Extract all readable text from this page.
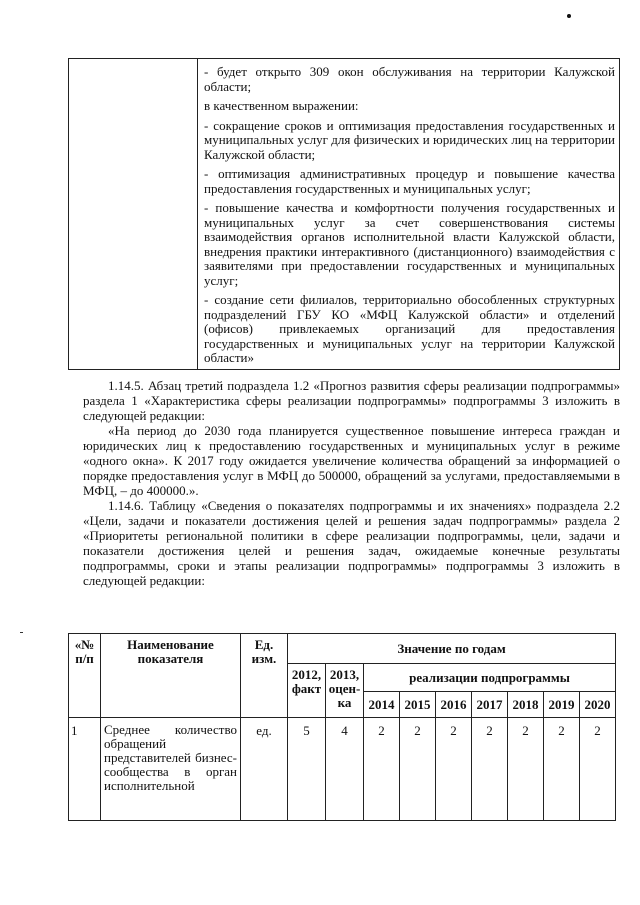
- будет открыто 309 окон обслуживания на территории Калужской области;

в качественном выражении:

- сокращение сроков и оптимизация предоставления государственных и муниципальных услуг для физических и юридических лиц на территории Калужской области;

- оптимизация административных процедур и повышение качества предоставления государственных и муниципальных услуг;

- повышение качества и комфортности получения государственных и муниципальных услуг за счет совершенствования системы взаимодействия органов исполнительной власти Калужской области, внедрения практики интерактивного (дистанционного) взаимодействия с заявителями при предоставлении государственных и муниципальных услуг;

- создание сети филиалов, территориально обособленных структурных подразделений ГБУ КО «МФЦ Калужской области» и отделений (офисов) привлекаемых организаций для предоставления государственных и муниципальных услуг на территории Калужской области»

1.14.5. Абзац третий подраздела 1.2 «Прогноз развития сферы реализации подпрограммы» раздела 1 «Характеристика сферы реализации подпрограммы» подпрограммы 3 изложить в следующей редакции:

«На период до 2030 года планируется существенное повышение интереса граждан и юридических лиц к предоставлению государственных и муниципальных услуг в режиме «одного окна». К 2017 году ожидается увеличение количества обращений за информацией о порядке предоставления услуг в МФЦ до 500000, обращений за услугами, предоставляемыми в МФЦ, – до 400000.».

1.14.6. Таблицу «Сведения о показателях подпрограммы и их значениях» подраздела 2.2 «Цели, задачи и показатели достижения целей и решения задач подпрограммы» раздела 2 «Приоритеты региональной политики в сфере реализации подпрограммы, цели, задачи и показатели достижения целей и решения задач, ожидаемые конечные результаты подпрограммы, сроки и этапы реализации подпрограммы» подпрограммы 3 изложить в следующей редакции:

«№ п/п	Наименование показателя	Ед. изм.	Значение по годам								
			2012, факт	2013, оцен-ка	реализации подпрограммы						
					2014	2015	2016	2017	2018	2019	2020
1	Среднее количество обращений представителей бизнес-сообщества в орган исполнительной	ед.	5	4	2	2	2	2	2	2	2
